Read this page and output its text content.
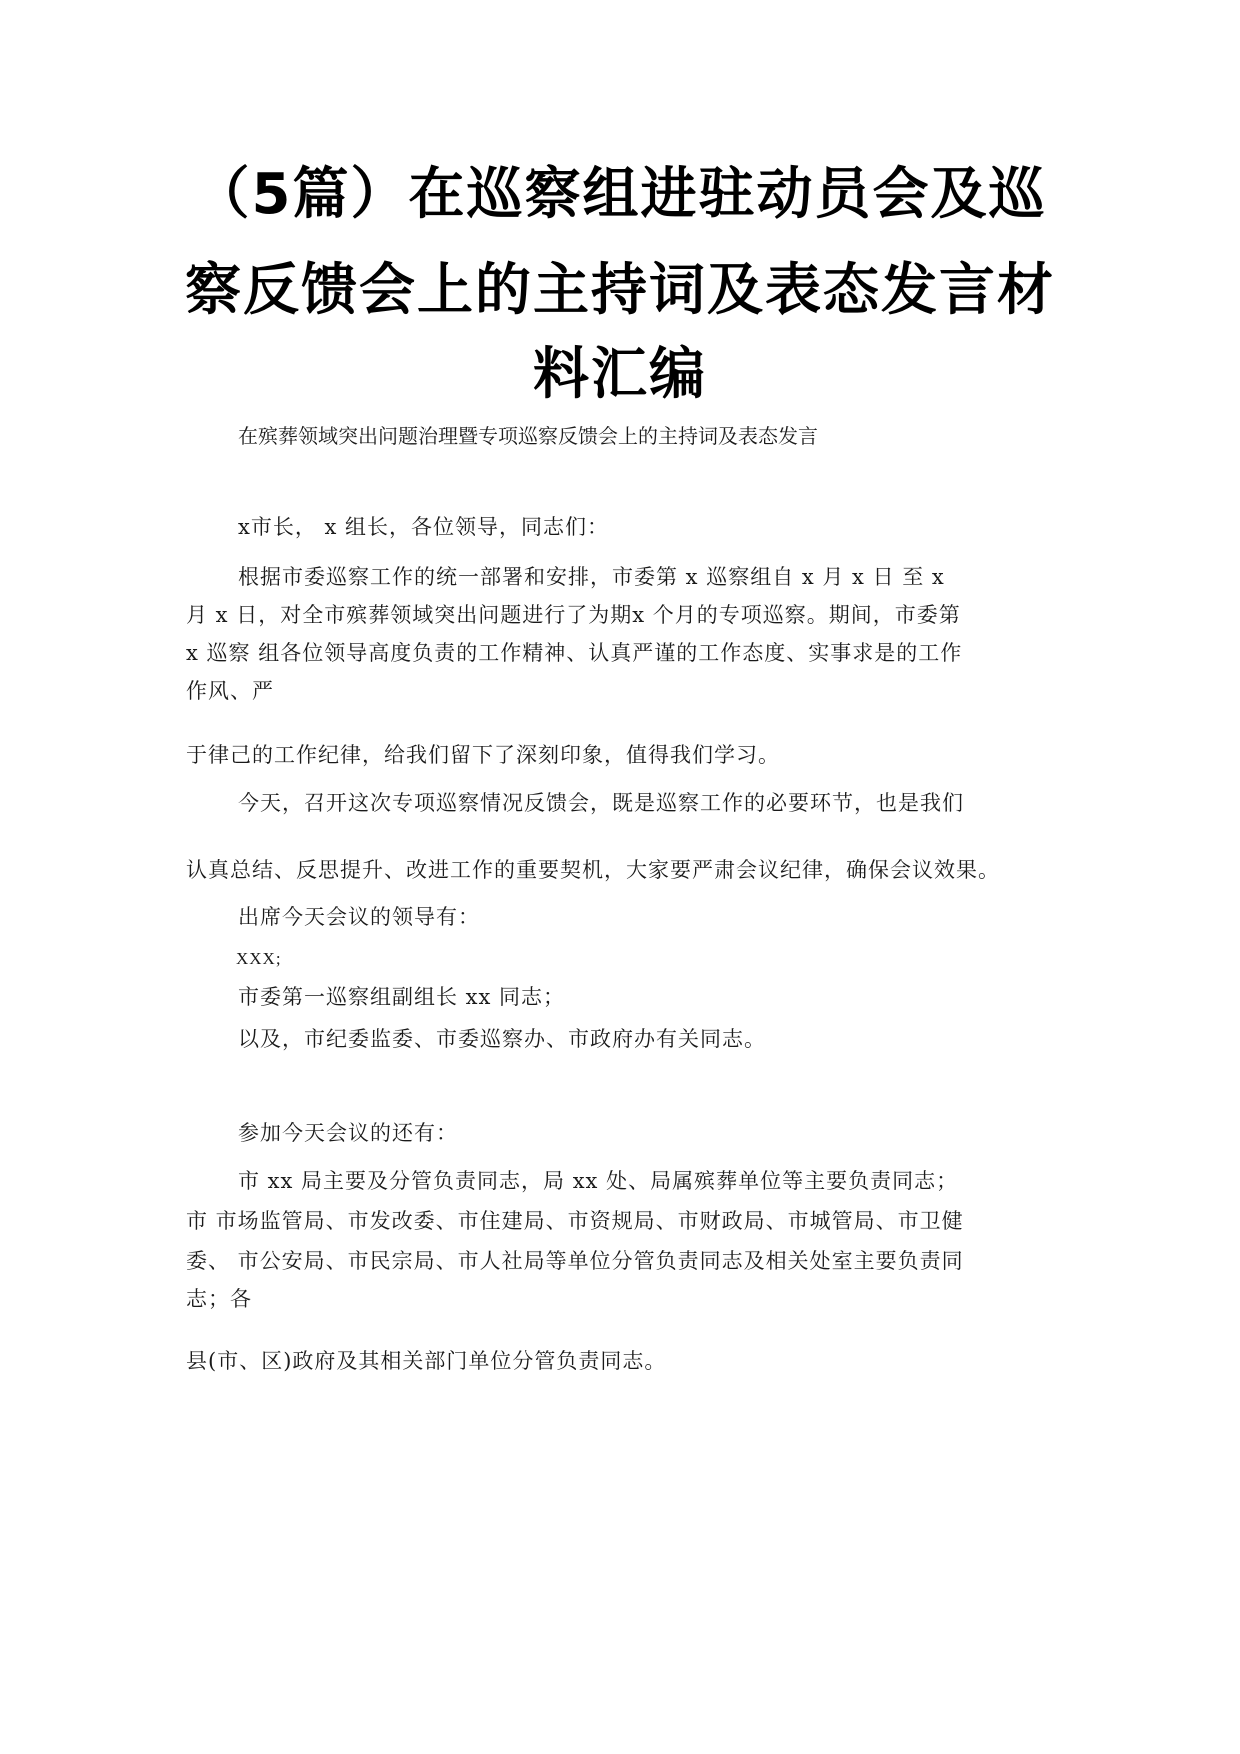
（5篇）在巡察组进驻动员会及巡
察反馈会上的主持词及表态发言材
料汇编
在殡葬领域突出问题治理暨专项巡察反馈会上的主持词及表态发言
x市长， x 组长，各位领导，同志们：
根据市委巡察工作的统一部署和安排，市委第 x 巡察组自 x 月 x 日 至 x
月 x 日，对全市殡葬领域突出问题进行了为期x 个月的专项巡察。期间，市委第
x 巡察 组各位领导高度负责的工作精神、认真严谨的工作态度、实事求是的工作
作风、严
于律己的工作纪律，给我们留下了深刻印象，值得我们学习。
今天，召开这次专项巡察情况反馈会，既是巡察工作的必要环节，也是我们
认真总结、反思提升、改进工作的重要契机，大家要严肃会议纪律，确保会议效果。
出席今天会议的领导有：
XXX;
市委第一巡察组副组长 xx 同志；
以及，市纪委监委、市委巡察办、市政府办有关同志。
参加今天会议的还有：
市 xx 局主要及分管负责同志，局 xx 处、局属殡葬单位等主要负责同志；
市 市场监管局、市发改委、市住建局、市资规局、市财政局、市城管局、市卫健
委、 市公安局、市民宗局、市人社局等单位分管负责同志及相关处室主要负责同
志；各
县(市、区)政府及其相关部门单位分管负责同志。
